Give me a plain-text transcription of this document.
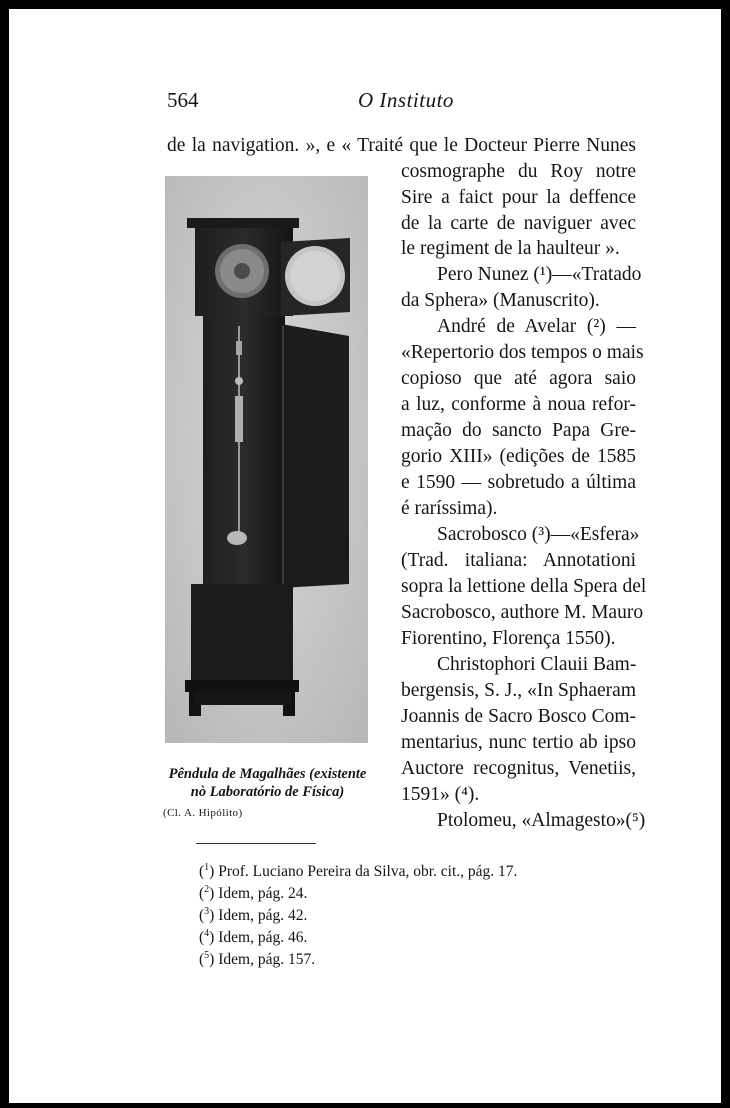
564	O Instituto
de la navigation. », e « Traité que le Docteur Pierre Nunes
cosmographe du Roy notre
Sire a faict pour la deffence
de la carte de naviguer avec
le regiment de la haulteur ».
Pero Nunez (¹)—«Tratado
da Sphera» (Manuscrito).
André de Avelar (²) —
«Repertorio dos tempos o mais
copioso que até agora saio
a luz, conforme à noua refor-
mação do sancto Papa Gre-
gorio XIII» (edições de 1585
e 1590 — sobretudo a última
é raríssima).
Sacrobosco (³)—«Esfera»
(Trad. italiana: Annotationi
sopra la lettione della Spera del
Sacrobosco, authore M. Mauro
Fiorentino, Florença 1550).
Christophori Clauii Bam-
bergensis, S. J., «In Sphaeram
Joannis de Sacro Bosco Com-
mentarius, nunc tertio ab ipso
Auctore recognitus, Venetiis,
1591» (⁴).
Ptolomeu, «Almagesto»(⁵)
Pêndula de Magalhães (existente
nò Laboratório de Física)
(Cl. A. Hipólito)
($^1$) Prof. Luciano Pereira da Silva, obr. cit., pág. 17.
($^2$) Idem, pág. 24.
($^3$) Idem, pág. 42.
($^4$) Idem, pág. 46.
($^5$) Idem, pág. 157.
